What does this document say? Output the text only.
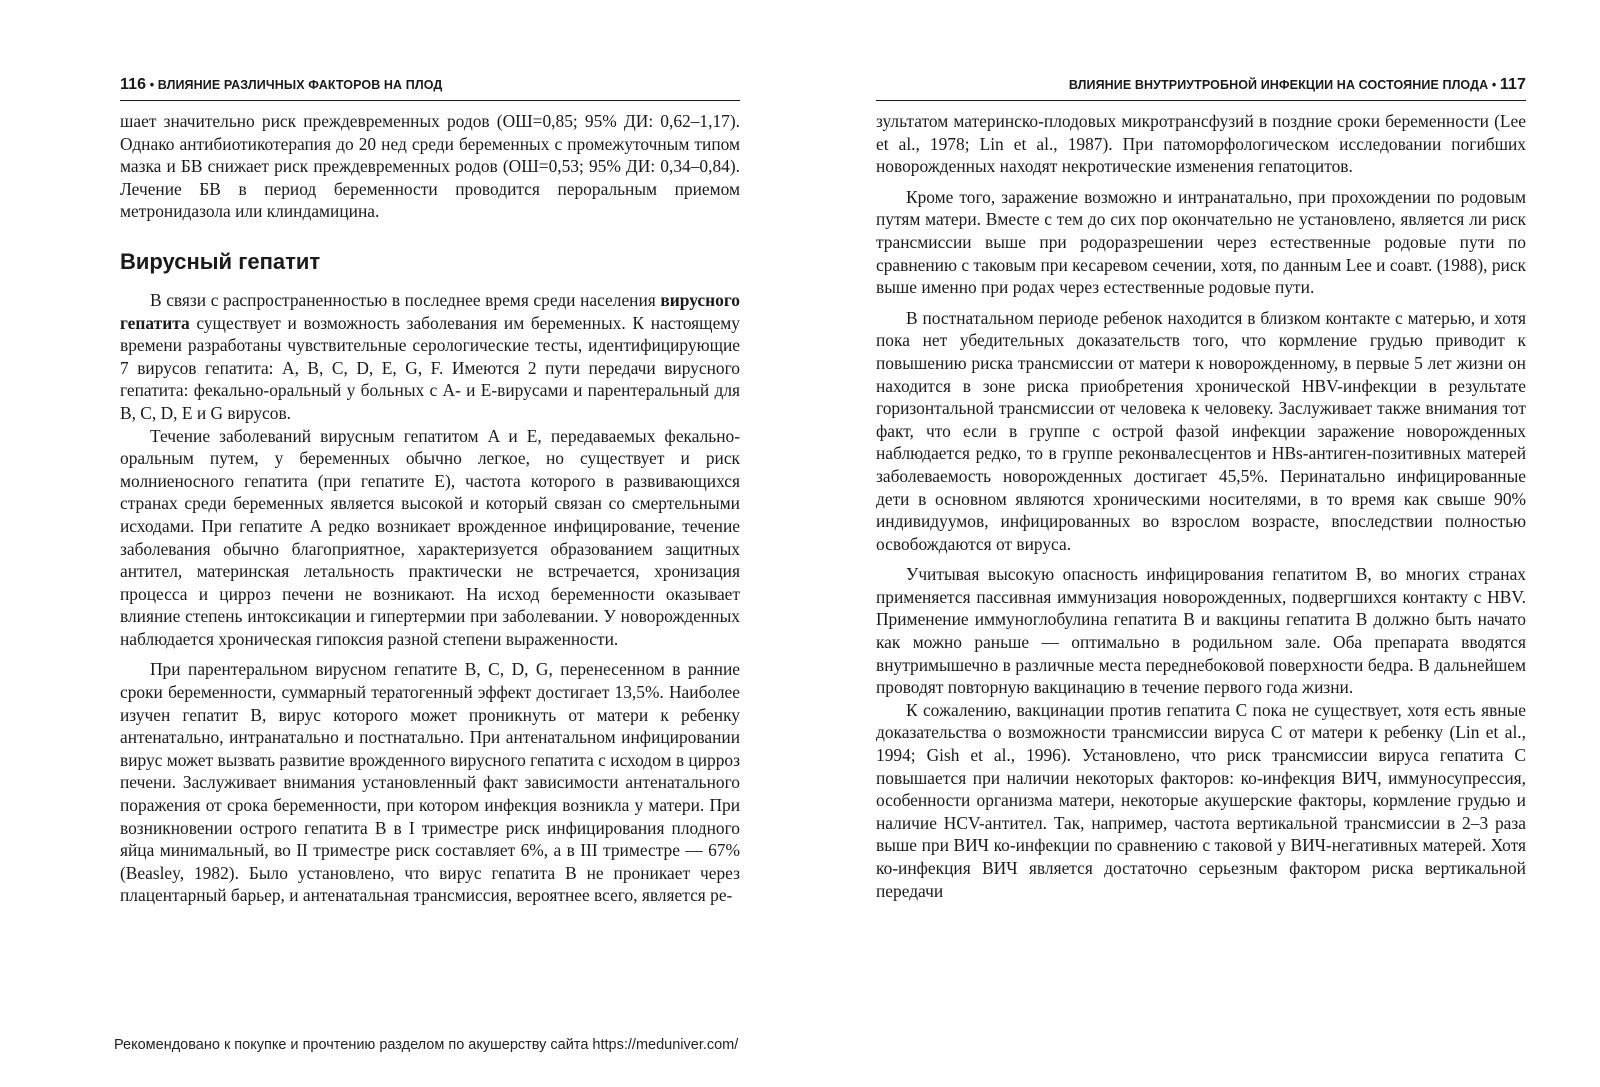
116 • ВЛИЯНИЕ РАЗЛИЧНЫХ ФАКТОРОВ НА ПЛОД

шает значительно риск преждевременных родов (ОШ=0,85; 95% ДИ: 0,62–1,17). Однако антибиотикотерапия до 20 нед среди беременных с промежуточным типом мазка и БВ снижает риск преждевременных родов (ОШ=0,53; 95% ДИ: 0,34–0,84). Лечение БВ в период беременности проводится пероральным приемом метронидазола или клиндамицина.

Вирусный гепатит

В связи с распространенностью в последнее время среди населения вирусного гепатита существует и возможность заболевания им беременных. К настоящему времени разработаны чувствительные серологические тесты, идентифицирующие 7 вирусов гепатита: A, B, C, D, E, G, F. Имеются 2 пути передачи вирусного гепатита: фекально-оральный у больных с A- и E-вирусами и парентеральный для B, C, D, E и G вирусов.

Течение заболеваний вирусным гепатитом A и E, передаваемых фекально-оральным путем, у беременных обычно легкое, но существует и риск молниеносного гепатита (при гепатите E), частота которого в развивающихся странах среди беременных является высокой и который связан со смертельными исходами. При гепатите A редко возникает врожденное инфицирование, течение заболевания обычно благоприятное, характеризуется образованием защитных антител, материнская летальность практически не встречается, хронизация процесса и цирроз печени не возникают. На исход беременности оказывает влияние степень интоксикации и гипертермии при заболевании. У новорожденных наблюдается хроническая гипоксия разной степени выраженности.

При парентеральном вирусном гепатите B, C, D, G, перенесенном в ранние сроки беременности, суммарный тератогенный эффект достигает 13,5%. Наиболее изучен гепатит B, вирус которого может проникнуть от матери к ребенку антенатально, интранатально и постнатально. При антенатальном инфицировании вирус может вызвать развитие врожденного вирусного гепатита с исходом в цирроз печени. Заслуживает внимания установленный факт зависимости антенатального поражения от срока беременности, при котором инфекция возникла у матери. При возникновении острого гепатита B в I триместре риск инфицирования плодного яйца минимальный, во II триместре риск составляет 6%, а в III триместре — 67% (Beasley, 1982). Было установлено, что вирус гепатита B не проникает через плацентарный барьер, и антенатальная трансмиссия, вероятнее всего, является ре-

ВЛИЯНИЕ ВНУТРИУТРОБНОЙ ИНФЕКЦИИ НА СОСТОЯНИЕ ПЛОДА • 117

зультатом материнско-плодовых микротрансфузий в поздние сроки беременности (Lee et al., 1978; Lin et al., 1987). При патоморфологическом исследовании погибших новорожденных находят некротические изменения гепатоцитов.

Кроме того, заражение возможно и интранатально, при прохождении по родовым путям матери. Вместе с тем до сих пор окончательно не установлено, является ли риск трансмиссии выше при родоразрешении через естественные родовые пути по сравнению с таковым при кесаревом сечении, хотя, по данным Lee и соавт. (1988), риск выше именно при родах через естественные родовые пути.

В постнатальном периоде ребенок находится в близком контакте с матерью, и хотя пока нет убедительных доказательств того, что кормление грудью приводит к повышению риска трансмиссии от матери к новорожденному, в первые 5 лет жизни он находится в зоне риска приобретения хронической HBV-инфекции в результате горизонтальной трансмиссии от человека к человеку. Заслуживает также внимания тот факт, что если в группе с острой фазой инфекции заражение новорожденных наблюдается редко, то в группе реконвалесцентов и HBs-антиген-позитивных матерей заболеваемость новорожденных достигает 45,5%. Перинатально инфицированные дети в основном являются хроническими носителями, в то время как свыше 90% индивидуумов, инфицированных во взрослом возрасте, впоследствии полностью освобождаются от вируса.

Учитывая высокую опасность инфицирования гепатитом B, во многих странах применяется пассивная иммунизация новорожденных, подвергшихся контакту с HBV. Применение иммуноглобулина гепатита B и вакцины гепатита B должно быть начато как можно раньше — оптимально в родильном зале. Оба препарата вводятся внутримышечно в различные места переднебоковой поверхности бедра. В дальнейшем проводят повторную вакцинацию в течение первого года жизни.

К сожалению, вакцинации против гепатита C пока не существует, хотя есть явные доказательства о возможности трансмиссии вируса C от матери к ребенку (Lin et al., 1994; Gish et al., 1996). Установлено, что риск трансмиссии вируса гепатита C повышается при наличии некоторых факторов: ко-инфекция ВИЧ, иммуносупрессия, особенности организма матери, некоторые акушерские факторы, кормление грудью и наличие HCV-антител. Так, например, частота вертикальной трансмиссии в 2–3 раза выше при ВИЧ ко-инфекции по сравнению с таковой у ВИЧ-негативных матерей. Хотя ко-инфекция ВИЧ является достаточно серьезным фактором риска вертикальной передачи

Рекомендовано к покупке и прочтению разделом по акушерству сайта https://meduniver.com/
